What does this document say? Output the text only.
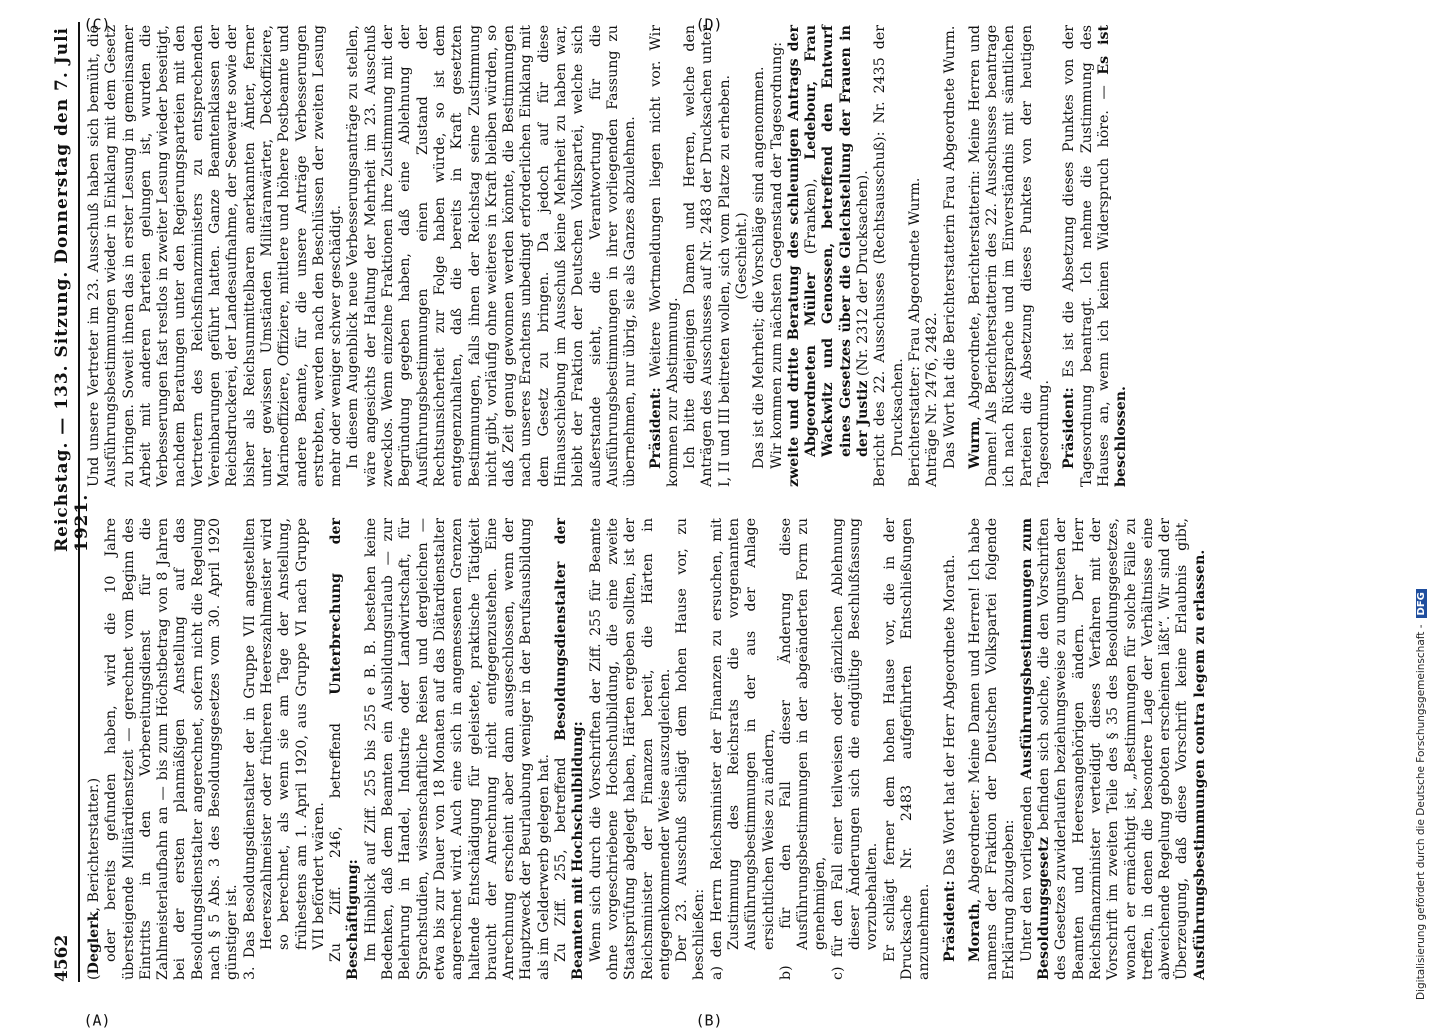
4562
Reichstag. — 133. Sitzung. Donnerstag den 7. Juli 1921.

(Deglerk, Berichterstatter.) oder bereits gefunden haben, wird die 10 Jahre übersteigende Militärdienstzeit — gerechnet vom Beginn des Eintritts in den Vorbereitungsdienst für die Zahlmeisterlaufbahn an — bis zum Höchstbetrag von 8 Jahren bei der ersten planmäßigen Anstellung auf das Besoldungsdienstalter angerechnet, sofern nicht die Regelung nach § 5 Abs. 3 des Besoldungsgesetzes vom 30. April 1920 günstiger ist. 3. Das Besoldungsdienstalter der in Gruppe VII angestellten Heereszahlmeister oder früheren Heereszahlmeister wird so berechnet, als wenn sie am Tage der Anstellung, frühestens am 1. April 1920, aus Gruppe VI nach Gruppe VII befördert wären. Zu Ziff. 246, betreffend Unterbrechung der Beschäftigung: Im Hinblick auf Ziff. 255 bis 255 e B. B. bestehen keine Bedenken, daß dem Beamten ein Ausbildungsurlaub — zur Belehrung in Handel, Industrie oder Landwirtschaft, für Sprachstudien, wissenschaftliche Reisen und dergleichen — etwa bis zur Dauer von 18 Monaten auf das Diätardienstalter angerechnet wird. Auch eine sich in angemessenen Grenzen haltende Entschädigung für geleistete, praktische Tätigkeit braucht der Anrechnung nicht entgegenzustehen. Eine Anrechnung erscheint aber dann ausgeschlossen, wenn der Hauptzweck der Beurlaubung weniger in der Berufsausbildung als im Gelderwerb gelegen hat. Zu Ziff. 255, betreffend Besoldungsdienstalter der Beamten mit Hochschulbildung: Wenn sich durch die Vorschriften der Ziff. 255 für Beamte ohne vorgeschriebene Hochschulbildung, die eine zweite Staatsprüfung abgelegt haben, Härten ergeben sollten, ist der Reichsminister der Finanzen bereit, die Härten in entgegenkommender Weise auszugleichen. Der 23. Ausschuß schlägt dem hohen Hause vor, zu beschließen: a) den Herrn Reichsminister der Finanzen zu ersuchen, mit Zustimmung des Reichsrats die vorgenannten Ausführungsbestimmungen in der aus der Anlage ersichtlichen Weise zu ändern, b) für den Fall dieser Änderung diese Ausführungsbestimmungen in der abgeänderten Form zu genehmigen, c) für den Fall einer teilweisen oder gänzlichen Ablehnung dieser Änderungen sich die endgültige Beschlußfassung vorzubehalten. Er schlägt ferner dem hohen Hause vor, die in der Drucksache Nr. 2483 aufgeführten Entschließungen anzunehmen. Präsident: Das Wort hat der Herr Abgeordnete Morath.

Morath, Abgeordneter: Meine Damen und Herren! Ich habe namens der Fraktion der Deutschen Volkspartei folgende Erklärung abzugeben: Unter den vorliegenden Ausführungsbestimmungen zum Besoldungsgesetz befinden sich solche, die den Vorschriften des Gesetzes zuwiderlaufen beziehungsweise zu ungunsten der Beamten und Heeresangehörigen ändern. Der Herr Reichsfinanzminister verteidigt dieses Verfahren mit der Vorschrift im zweiten Teile des § 35 des Besoldungsgesetzes, wonach er ermächtigt ist, „Bestimmungen für solche Fälle zu treffen, in denen die besondere Lage der Verhältnisse eine abweichende Regelung geboten erscheinen läßt“. Wir sind der Überzeugung, daß diese Vorschrift keine Erlaubnis gibt, Ausführungsbestimmungen contra legem zu erlassen.

Und unsere Vertreter im 23. Ausschuß haben sich bemüht, die Ausführungsbestimmungen wieder in Einklang mit dem Gesetz zu bringen. Soweit ihnen das in erster Lesung in gemeinsamer Arbeit mit anderen Parteien gelungen ist, wurden die Verbesserungen fast restlos in zweiter Lesung wieder beseitigt, nachdem Beratungen unter den Regierungsparteien mit den Vertretern des Reichsfinanzministers zu entsprechenden Vereinbarungen geführt hatten. Ganze Beamtenklassen der Reichsdruckerei, der Landesaufnahme, der Seewarte sowie der bisher als Reichsunmittelbaren anerkannten Ämter, ferner unter gewissen Umständen Militäranwärter, Deckoffiziere, Marineoffiziere, Offiziere, mittlere und höhere Postbeamte und andere Beamte, für die unsere Anträge Verbesserungen erstrebten, werden nach den Beschlüssen der zweiten Lesung mehr oder weniger schwer geschädigt. In diesem Augenblick neue Verbesserungsanträge zu stellen, wäre angesichts der Haltung der Mehrheit im 23. Ausschuß zwecklos. Wenn einzelne Fraktionen ihre Zustimmung mit der Begründung gegeben haben, daß eine Ablehnung der Ausführungsbestimmungen einen Zustand der Rechtsunsicherheit zur Folge haben würde, so ist dem entgegenzuhalten, daß die bereits in Kraft gesetzten Bestimmungen, falls ihnen der Reichstag seine Zustimmung nicht gibt, vorläufig ohne weiteres in Kraft bleiben würden, so daß Zeit genug gewonnen werden könnte, die Bestimmungen nach unseres Erachtens unbedingt erforderlichen Einklang mit dem Gesetz zu bringen. Da jedoch auf für diese Hinausschiebung im Ausschuß keine Mehrheit zu haben war, bleibt der Fraktion der Deutschen Volkspartei, welche sich außerstande sieht, die Verantwortung für die Ausführungsbestimmungen in ihrer vorliegenden Fassung zu übernehmen, nur übrig, sie als Ganzes abzulehnen. Präsident: Weitere Wortmeldungen liegen nicht vor. Wir kommen zur Abstimmung. Ich bitte diejenigen Damen und Herren, welche den Anträgen des Ausschusses auf Nr. 2483 der Drucksachen unter I, II und III beitreten wollen, sich vom Platze zu erheben. (Geschieht.) Das ist die Mehrheit; die Vorschläge sind angenommen. Wir kommen zum nächsten Gegenstand der Tagesordnung: zweite und dritte Beratung des schleunigen Antrags der Abgeordneten Müller (Franken), Ledebour, Frau Wackwitz und Genossen, betreffend den Entwurf eines Gesetzes über die Gleichstellung der Frauen in der Justiz (Nr. 2312 der Drucksachen). Bericht des 22. Ausschusses (Rechtsausschuß): Nr. 2435 der Drucksachen. Berichterstatter: Frau Abgeordnete Wurm. Anträge Nr. 2476, 2482. Das Wort hat die Berichterstatterin Frau Abgeordnete Wurm. Wurm, Abgeordnete, Berichterstatterin: Meine Herren und Damen! Als Berichterstatterin des 22. Ausschusses beantrage ich nach Rücksprache und im Einverständnis mit sämtlichen Parteien die Absetzung dieses Punktes von der heutigen Tagesordnung. Präsident: Es ist die Absetzung dieses Punktes von der Tagesordnung beantragt. Ich nehme die Zustimmung des Hauses an, wenn ich keinen Widerspruch höre. — Es ist beschlossen.

(A)	(B)
(C)	(D)
Digitalisierung gefördert durch die Deutsche Forschungsgemeinschaft -
DFG
